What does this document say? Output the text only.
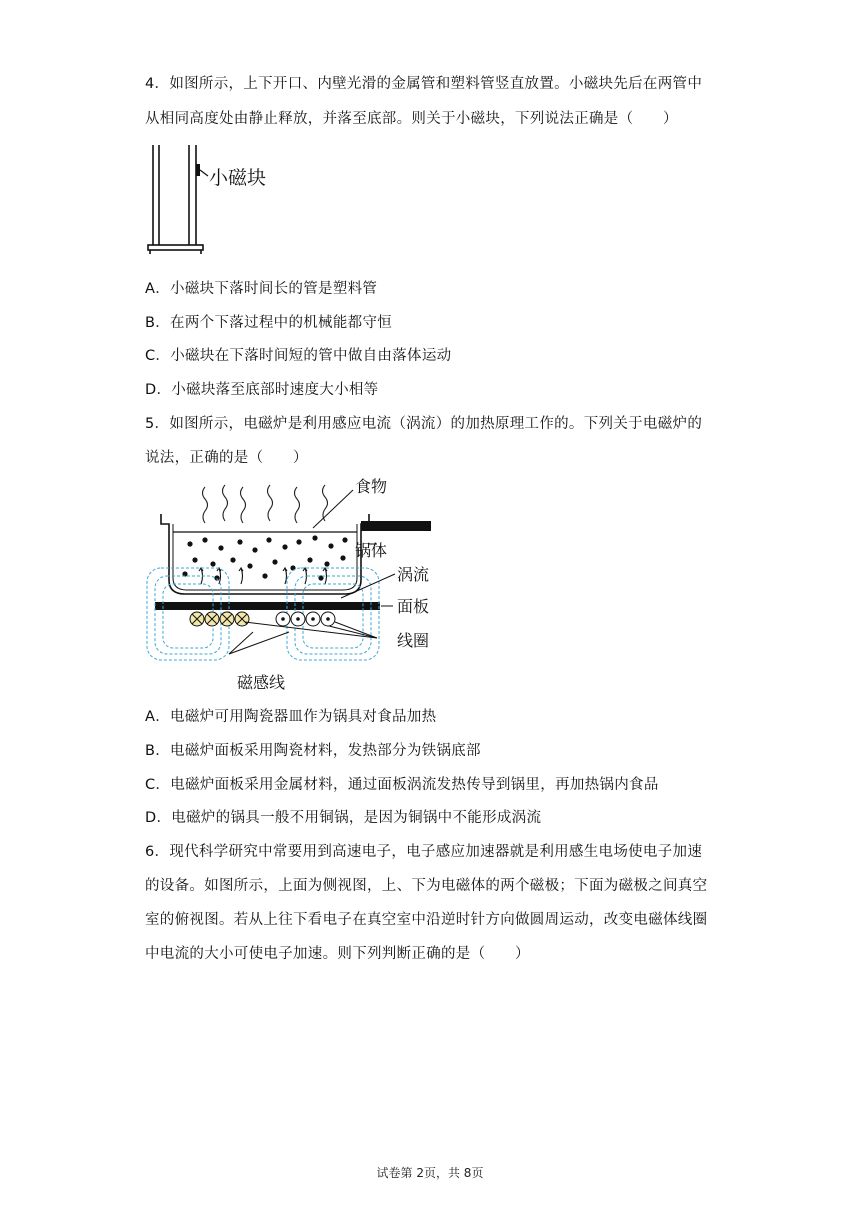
4．如图所示，上下开口、内壁光滑的金属管和塑料管竖直放置。小磁块先后在两管中
从相同高度处由静止释放，并落至底部。则关于小磁块，下列说法正确是（　　）
小磁块
A．小磁块下落时间长的管是塑料管
B．在两个下落过程中的机械能都守恒
C．小磁块在下落时间短的管中做自由落体运动
D．小磁块落至底部时速度大小相等
5．如图所示，电磁炉是利用感应电流（涡流）的加热原理工作的。下列关于电磁炉的
说法，正确的是（　　）
食物
锅体
涡流
面板
线圈
磁感线
A．电磁炉可用陶瓷器皿作为锅具对食品加热
B．电磁炉面板采用陶瓷材料，发热部分为铁锅底部
C．电磁炉面板采用金属材料，通过面板涡流发热传导到锅里，再加热锅内食品
D．电磁炉的锅具一般不用铜锅，是因为铜锅中不能形成涡流
6．现代科学研究中常要用到高速电子，电子感应加速器就是利用感生电场使电子加速
的设备。如图所示，上面为侧视图，上、下为电磁体的两个磁极；下面为磁极之间真空
室的俯视图。若从上往下看电子在真空室中沿逆时针方向做圆周运动，改变电磁体线圈
中电流的大小可使电子加速。则下列判断正确的是（　　）
试卷第 2页，共 8页
